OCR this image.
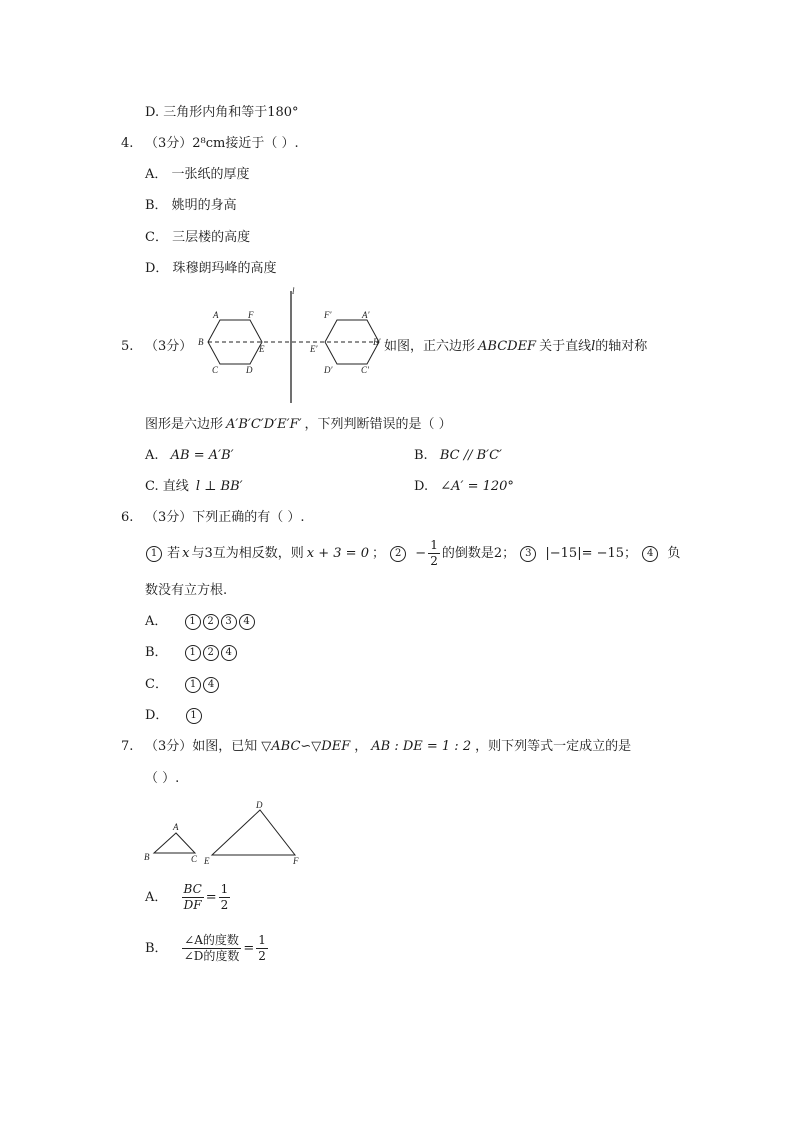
D. 三角形内角和等于180°
4. （3分）2⁸cm接近于（ ）.
A． 一张纸的厚度
B． 姚明的身高
C． 三层楼的高度
D． 珠穆朗玛峰的高度
5. （3分）
l
A	F
B
E
C	D
F′	A′
E′
B′
D′	C′
如图，正六边形 ABCDEF 关于直线l的轴对称
图形是六边形 A′B′C′D′E′F′ ，下列判断错误的是（ ）
A. AB = A′B′	B. BC // B′C′
C. 直线 l ⊥ BB′	D. ∠A′ = 120°
6. （3分）下列正确的有（ ）.
1 若 x 与3互为相反数，则 x + 3 = 0 ； $2 - \frac{1}{2}$ 的倒数是2； 3 |−15|= −15； 4 负
数没有立方根.
A． 1 2 3 4
B． 1 2 4
C． 1 4
D． 1
7. （3分）如图，已知 ▽ABC∽▽DEF ， AB : DE = 1 : 2 ，则下列等式一定成立的是
（ ）.
A
B	C
D
E	F
A． $\frac{BC}{DF} = \frac{1}{2}$
B． $\frac{\text{∠A的度数}}{\text{∠D的度数}} = \frac{1}{2}$
